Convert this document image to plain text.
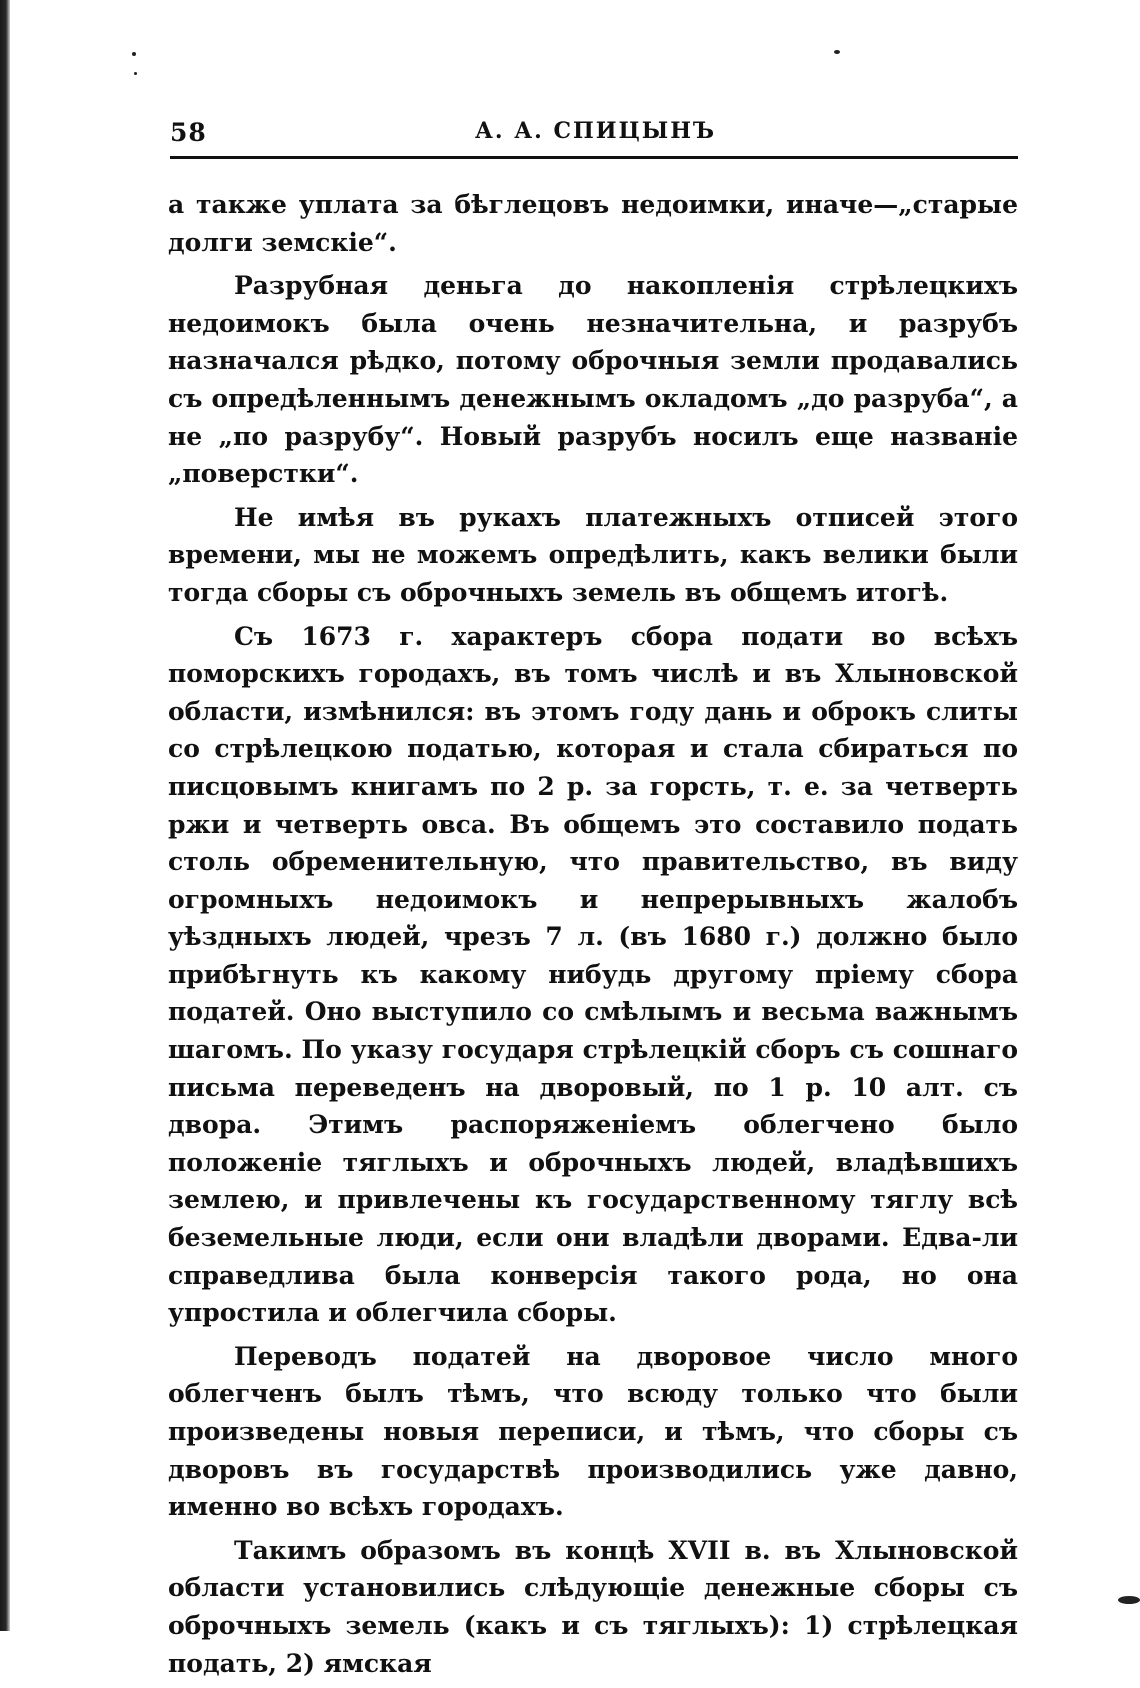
58	А. А. СПИЦЫНЪ

а также уплата за бѣглецовъ недоимки, иначе—„старые долги земскіе“.

Разрубная деньга до накопленія стрѣлецкихъ недоимокъ была очень незначительна, и разрубъ назначался рѣдко, потому оброчныя земли продавались съ опредѣленнымъ денежнымъ окладомъ „до разруба“, а не „по разрубу“. Новый разрубъ носилъ еще названіе „поверстки“.

Не имѣя въ рукахъ платежныхъ отписей этого времени, мы не можемъ опредѣлить, какъ велики были тогда сборы съ оброчныхъ земель въ общемъ итогѣ.

Съ 1673 г. характеръ сбора подати во всѣхъ поморскихъ городахъ, въ томъ числѣ и въ Хлыновской области, измѣнился: въ этомъ году дань и оброкъ слиты со стрѣлецкою податью, которая и стала сбираться по писцовымъ книгамъ по 2 р. за горсть, т. е. за четверть ржи и четверть овса. Въ общемъ это составило подать столь обременительную, что правительство, въ виду огромныхъ недоимокъ и непрерывныхъ жалобъ уѣздныхъ людей, чрезъ 7 л. (въ 1680 г.) должно было прибѣгнуть къ какому нибудь другому пріему сбора податей. Оно выступило со смѣлымъ и весьма важнымъ шагомъ. По указу государя стрѣлецкій сборъ съ сошнаго письма переведенъ на дворовый, по 1 р. 10 алт. съ двора. Этимъ распоряженіемъ облегчено было положеніе тяглыхъ и оброчныхъ людей, владѣвшихъ землею, и привлечены къ государственному тяглу всѣ беземельные люди, если они владѣли дворами. Едва-ли справедлива была конверсія такого рода, но она упростила и облегчила сборы.

Переводъ податей на дворовое число много облегченъ былъ тѣмъ, что всюду только что были произведены новыя переписи, и тѣмъ, что сборы съ дворовъ въ государствѣ производились уже давно, именно во всѣхъ городахъ.

Такимъ образомъ въ концѣ XVII в. въ Хлыновской области установились слѣдующіе денежные сборы съ оброчныхъ земель (какъ и съ тяглыхъ): 1) стрѣлецкая подать, 2) ямская
